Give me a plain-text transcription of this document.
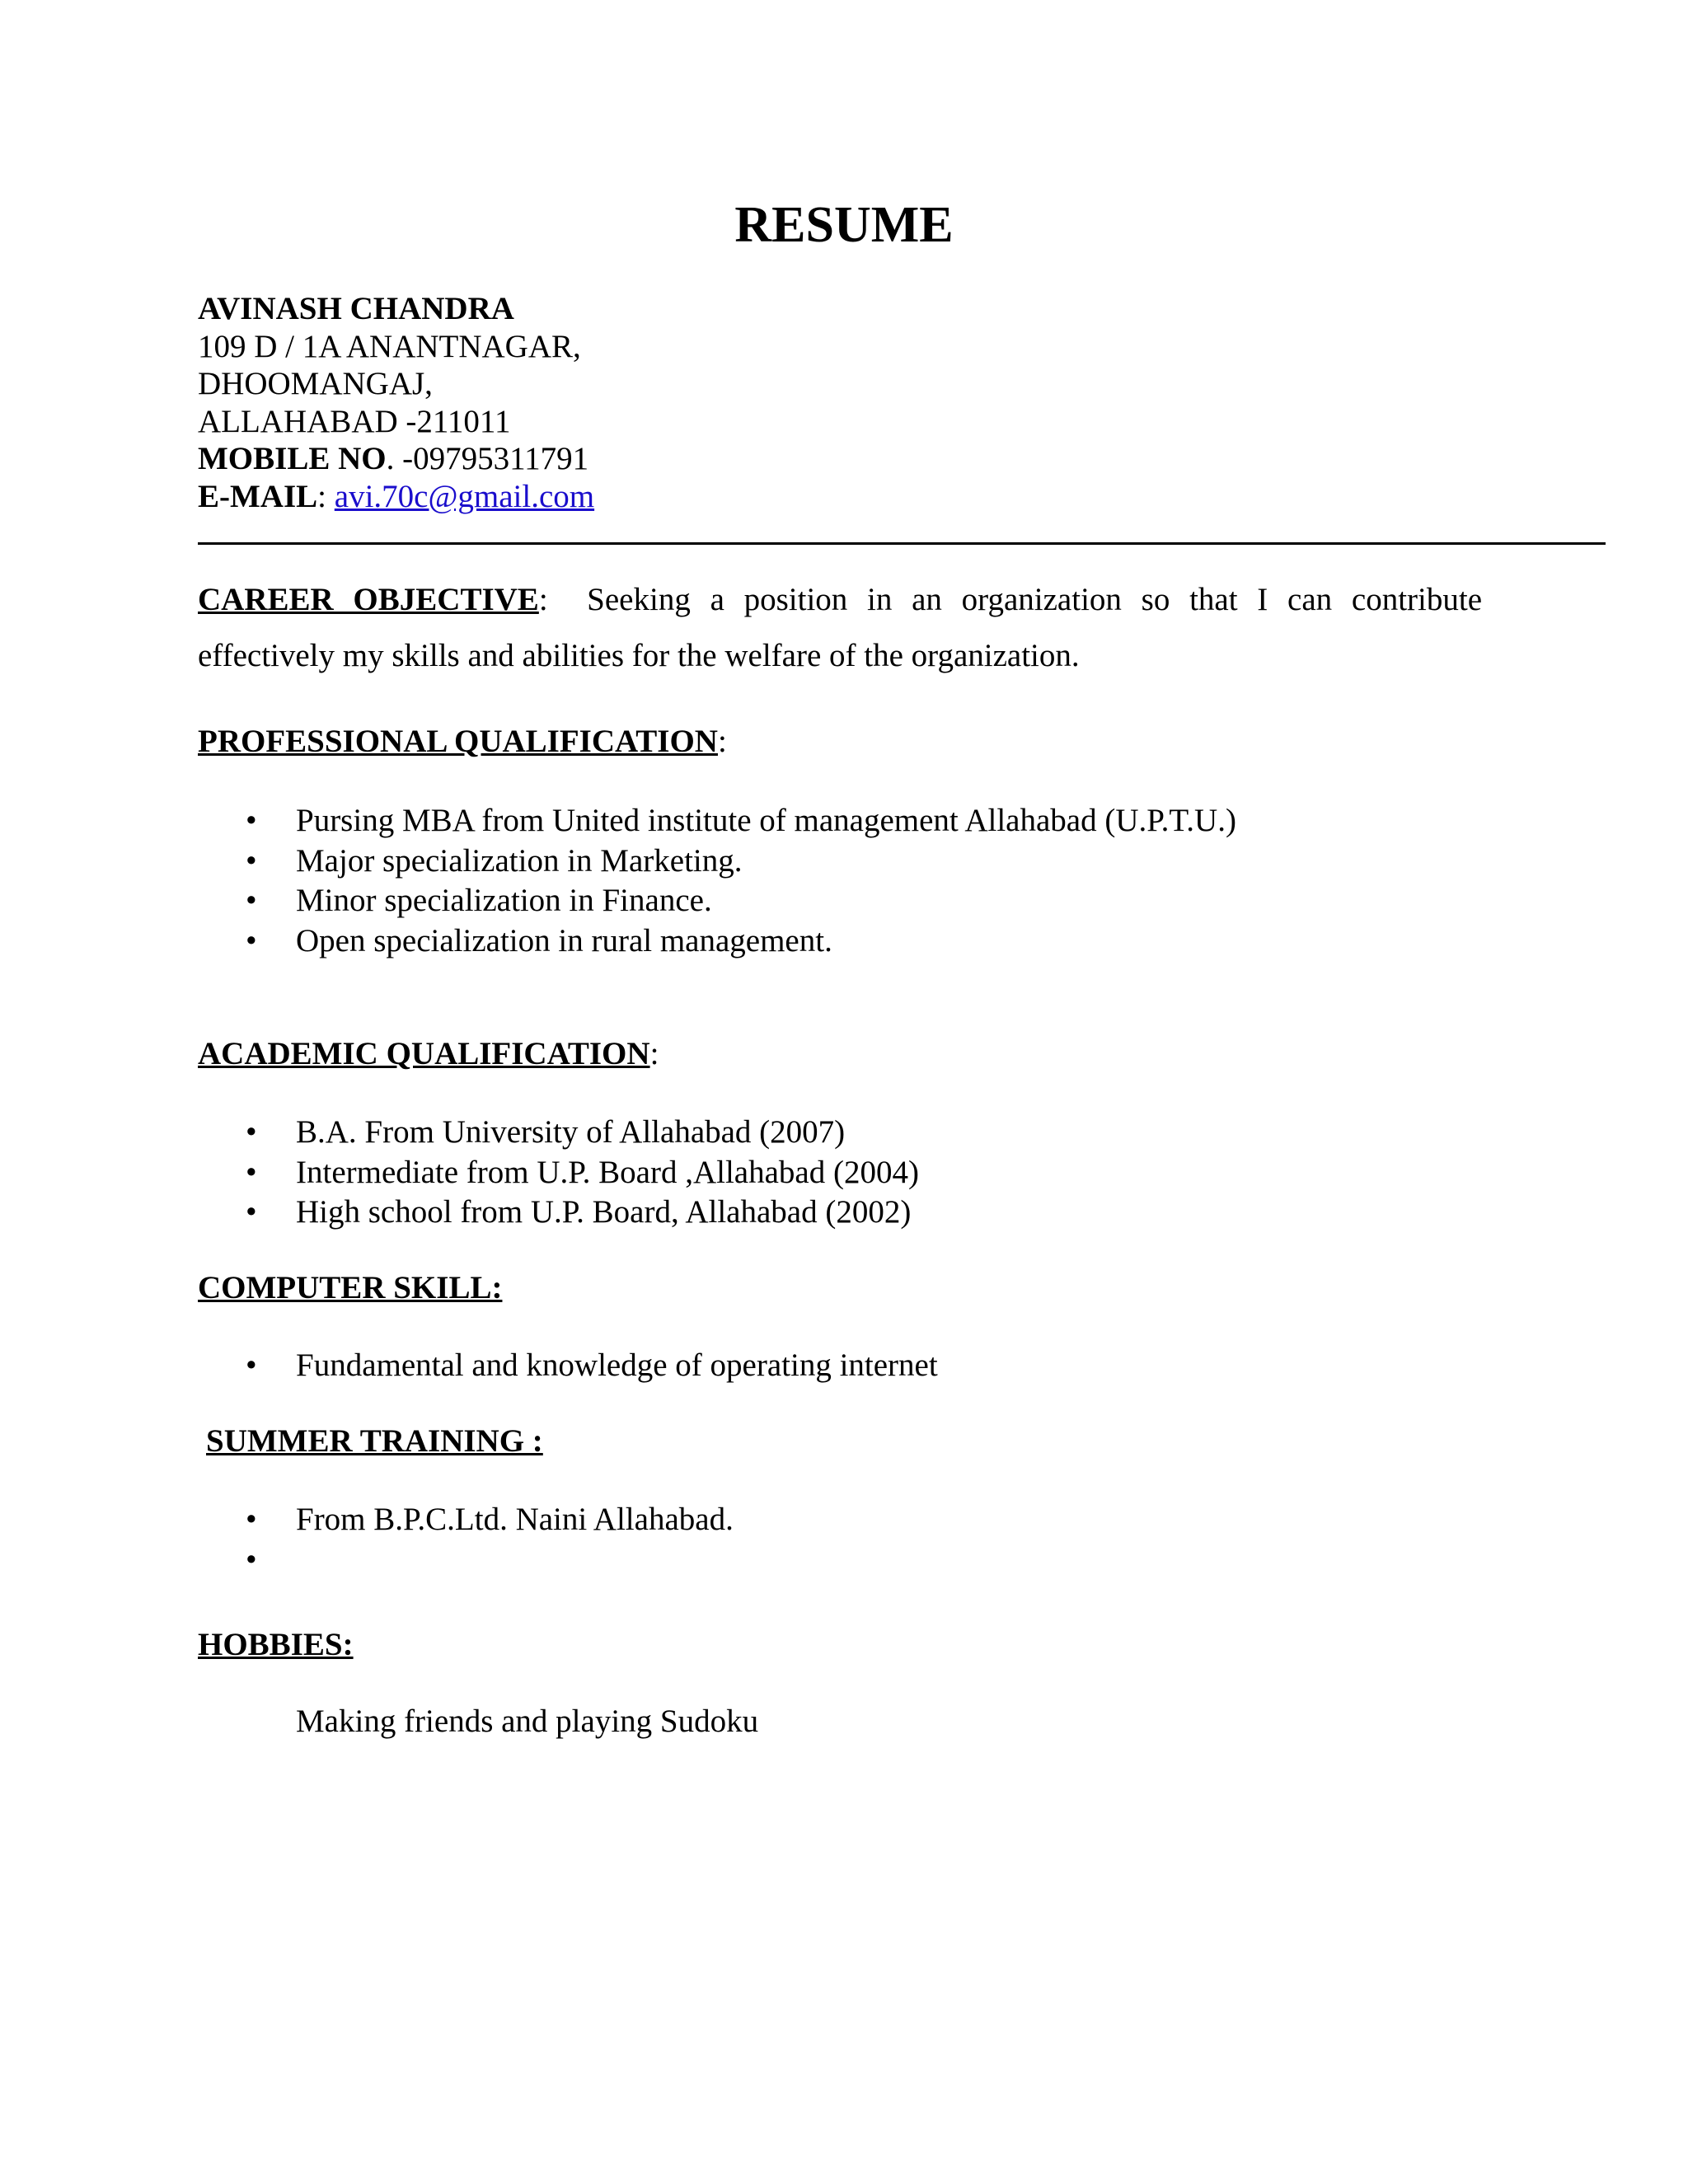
RESUME
AVINASH CHANDRA
109 D / 1A ANANTNAGAR,
DHOOMANGAJ,
ALLAHABAD -211011
MOBILE NO. -09795311791
E-MAIL: avi.70c@gmail.com
CAREER OBJECTIVE: Seeking a position in an organization so that I can contribute
effectively my skills and abilities for the welfare of the organization.
PROFESSIONAL QUALIFICATION:
• Pursing MBA from United institute of management Allahabad (U.P.T.U.)
• Major specialization in Marketing.
• Minor specialization in Finance.
• Open specialization in rural management.
ACADEMIC QUALIFICATION:
• B.A. From University of Allahabad (2007)
• Intermediate from U.P. Board ,Allahabad (2004)
• High school from U.P. Board, Allahabad (2002)
COMPUTER SKILL:
• Fundamental and knowledge of operating internet
SUMMER TRAINING :
• From B.P.C.Ltd. Naini Allahabad.
•
HOBBIES:
Making friends and playing Sudoku
